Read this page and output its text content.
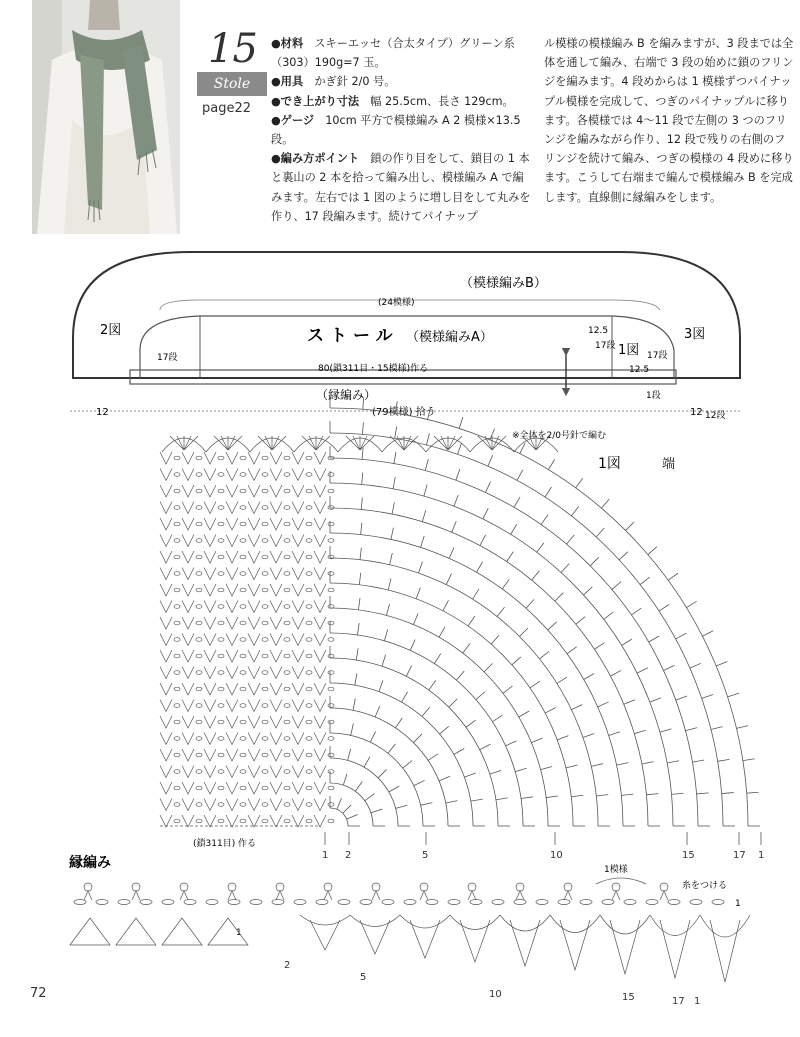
15
Stole
page22

●材料　 スキーエッセ（合太タイプ）グリーン系（303）190g=7 玉。

●用具　 かぎ針 2/0 号。

●でき上がり寸法　 幅 25.5cm、長さ 129cm。

●ゲージ　 10cm 平方で模様編み A 2 模様×13.5 段。

●編み方ポイント　 鎖の作り目をして、鎖目の 1 本と裏山の 2 本を拾って編み出し、模様編み A で編みます。左右では 1 図のように増し目をして丸みを作り、17 段編みます。続けてパイナップ

ル模様の模様編み B を編みますが、3 段までは全体を通して編み、右端で 3 段の始めに鎖のフリンジを編みます。4 段めからは 1 模様ずつパイナップル模様を完成して、つぎのパイナップルに移ります。各模様では 4～11 段で左側の 3 つのフリンジを編みながら作り、12 段で残りの右側のフリンジを続けて編み、つぎの模様の 4 段めに移ります。こうして右端まで編んで模様編み B を完成します。直線側に縁編みをします。

（模様編みB）
(24模様)
ストール （模様編みA）
2図
1図
3図
17段	17段
12.5
17段
12.5
80(鎖311目・15模様)作る
（縁編み）	1段
12	(79模様) 拾う	12 12段
※全体を2/0号針で編む
1図	端
(鎖311目) 作る
1 2	5	10	15	17 1
縁編み	1模様
糸をつける
1
1
2
5
10	15	17 1
72
